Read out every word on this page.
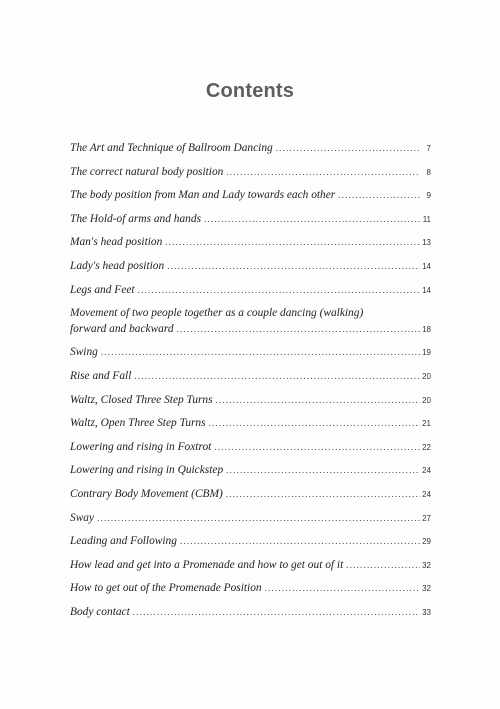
Contents
The Art and Technique of Ballroom Dancing .....	7
The correct natural body position .....	8
The body position from Man and Lady towards each other .....	9
The Hold-of arms and hands .....	11
Man's head position .....	13
Lady's head position .....	14
Legs and Feet .....	14
Movement of two people together as a couple dancing (walking)
forward and backward .....	18
Swing .....	19
Rise and Fall .....	20
Waltz, Closed Three Step Turns .....	20
Waltz, Open Three Step Turns .....	21
Lowering and rising in Foxtrot .....	22
Lowering and rising in Quickstep .....	24
Contrary Body Movement (CBM) .....	24
Sway .....	27
Leading and Following .....	29
How lead and get into a Promenade and how to get out of it .....	32
How to get out of the Promenade Position .....	32
Body contact .....	33
